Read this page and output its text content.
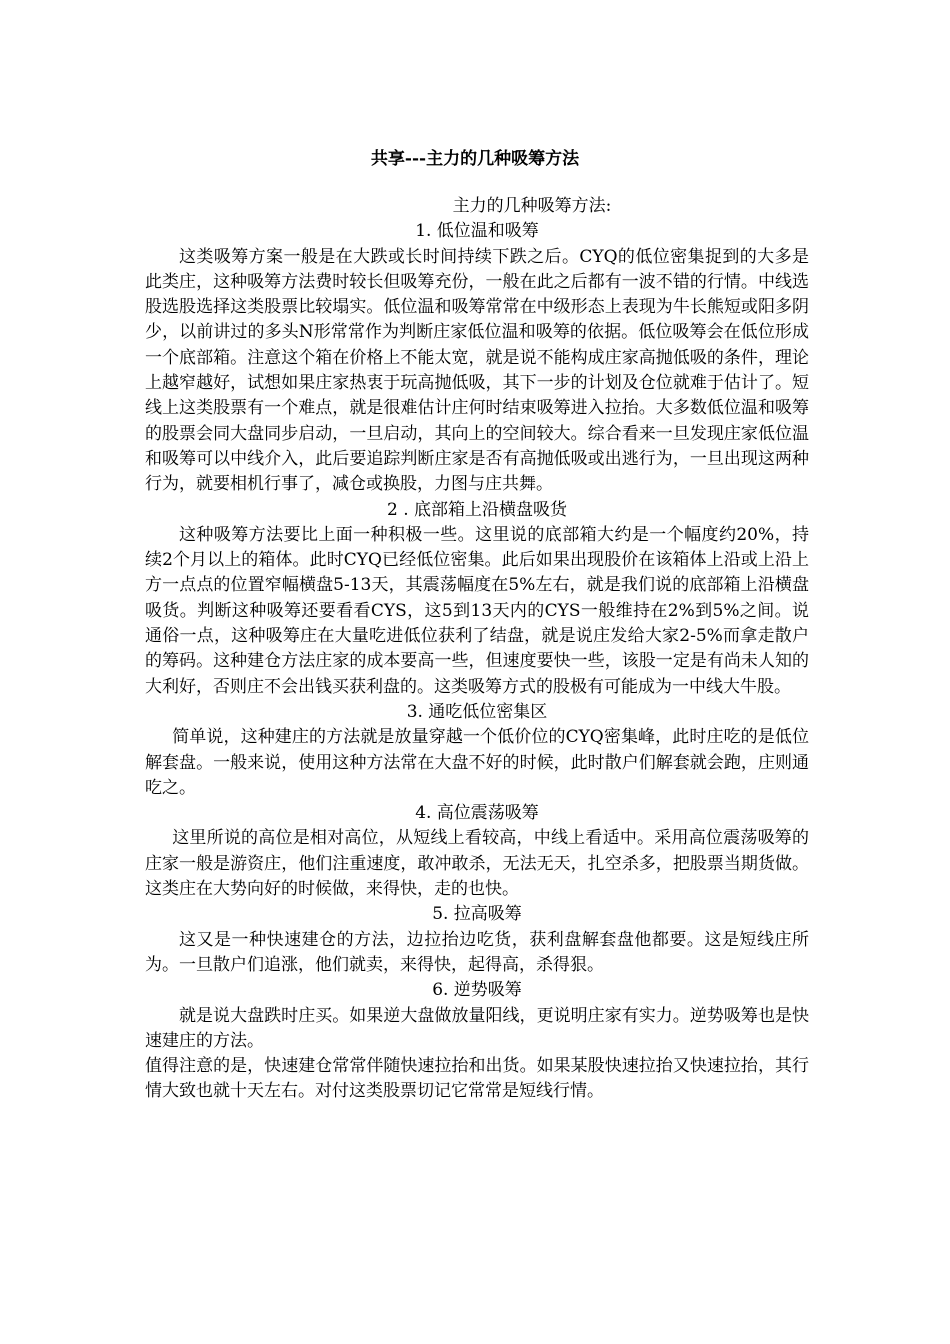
共享---主力的几种吸筹方法

主力的几种吸筹方法:

1. 低位温和吸筹

这类吸筹方案一般是在大跌或长时间持续下跌之后。CYQ的低位密集捉到的大多是此类庄，这种吸筹方法费时较长但吸筹充份，一般在此之后都有一波不错的行情。中线选股选股选择这类股票比较塌实。低位温和吸筹常常在中级形态上表现为牛长熊短或阳多阴少，以前讲过的多头N形常常作为判断庄家低位温和吸筹的依据。低位吸筹会在低位形成一个底部箱。注意这个箱在价格上不能太宽，就是说不能构成庄家高抛低吸的条件，理论上越窄越好，试想如果庄家热衷于玩高抛低吸，其下一步的计划及仓位就难于估计了。短线上这类股票有一个难点，就是很难估计庄何时结束吸筹进入拉抬。大多数低位温和吸筹的股票会同大盘同步启动，一旦启动，其向上的空间较大。综合看来一旦发现庄家低位温和吸筹可以中线介入，此后要追踪判断庄家是否有高抛低吸或出逃行为，一旦出现这两种行为，就要相机行事了，减仓或换股，力图与庄共舞。

2 . 底部箱上沿横盘吸货

这种吸筹方法要比上面一种积极一些。这里说的底部箱大约是一个幅度约20%，持续2个月以上的箱体。此时CYQ已经低位密集。此后如果出现股价在该箱体上沿或上沿上方一点点的位置窄幅横盘5-13天，其震荡幅度在5%左右，就是我们说的底部箱上沿横盘吸货。判断这种吸筹还要看看CYS，这5到13天内的CYS一般维持在2%到5%之间。说通俗一点，这种吸筹庄在大量吃进低位获利了结盘，就是说庄发给大家2-5%而拿走散户的筹码。这种建仓方法庄家的成本要高一些，但速度要快一些，该股一定是有尚未人知的大利好，否则庄不会出钱买获利盘的。这类吸筹方式的股极有可能成为一中线大牛股。

3. 通吃低位密集区

简单说，这种建庄的方法就是放量穿越一个低价位的CYQ密集峰，此时庄吃的是低位解套盘。一般来说，使用这种方法常在大盘不好的时候，此时散户们解套就会跑，庄则通吃之。

4. 高位震荡吸筹

这里所说的高位是相对高位，从短线上看较高，中线上看适中。采用高位震荡吸筹的庄家一般是游资庄，他们注重速度，敢冲敢杀，无法无天，扎空杀多，把股票当期货做。这类庄在大势向好的时候做，来得快，走的也快。

5. 拉高吸筹

这又是一种快速建仓的方法，边拉抬边吃货，获利盘解套盘他都要。这是短线庄所为。一旦散户们追涨，他们就卖，来得快，起得高，杀得狠。

6. 逆势吸筹

就是说大盘跌时庄买。如果逆大盘做放量阳线，更说明庄家有实力。逆势吸筹也是快速建庄的方法。

值得注意的是，快速建仓常常伴随快速拉抬和出货。如果某股快速拉抬又快速拉抬，其行情大致也就十天左右。对付这类股票切记它常常是短线行情。
